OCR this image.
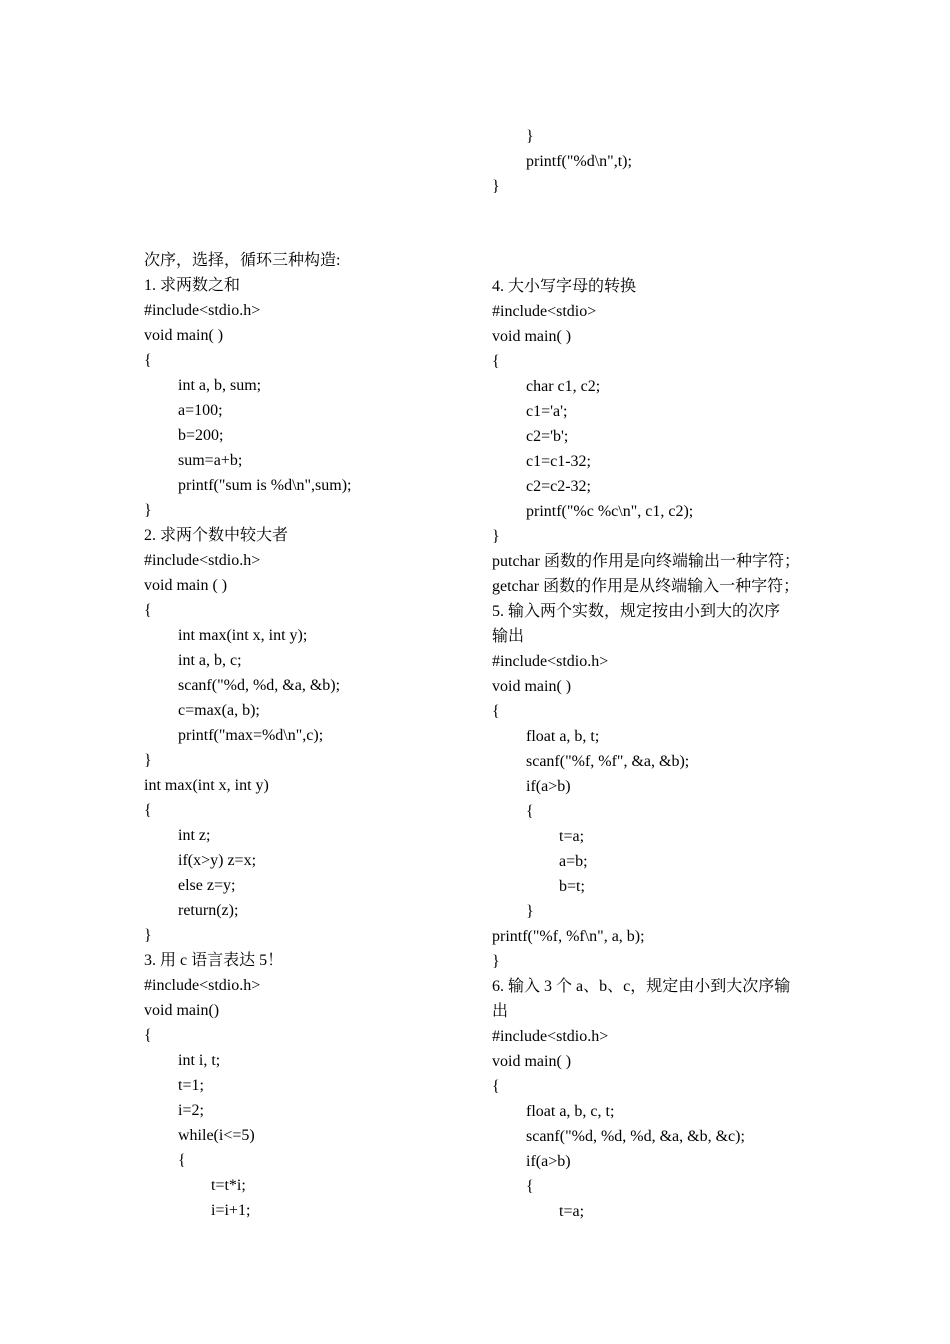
次序，选择，循环三种构造:
1. 求两数之和
#include<stdio.h>
void main( )
{
int a, b, sum;
a=100;
b=200;
sum=a+b;
printf("sum is %d\n",sum);
}
2. 求两个数中较大者
#include<stdio.h>
void main ( )
{
int max(int x, int y);
int a, b, c;
scanf("%d, %d, &a, &b);
c=max(a, b);
printf("max=%d\n",c);
}
int max(int x, int y)
{
int z;
if(x>y) z=x;
else z=y;
return(z);
}
3. 用 c 语言表达 5！
#include<stdio.h>
void main()
{
int i, t;
t=1;
i=2;
while(i<=5)
{
t=t*i;
i=i+1;
}
printf("%d\n",t);
}
4. 大小写字母的转换
#include<stdio>
void main( )
{
char c1, c2;
c1='a';
c2='b';
c1=c1-32;
c2=c2-32;
printf("%c %c\n", c1, c2);
}
putchar 函数的作用是向终端输出一种字符；
getchar 函数的作用是从终端输入一种字符；
5. 输入两个实数，规定按由小到大的次序
输出
#include<stdio.h>
void main( )
{
float a, b, t;
scanf("%f, %f", &a, &b);
if(a>b)
{
t=a;
a=b;
b=t;
}
printf("%f, %f\n", a, b);
}
6. 输入 3 个 a、b、c，规定由小到大次序输
出
#include<stdio.h>
void main( )
{
float a, b, c, t;
scanf("%d, %d, %d, &a, &b, &c);
if(a>b)
{
t=a;
